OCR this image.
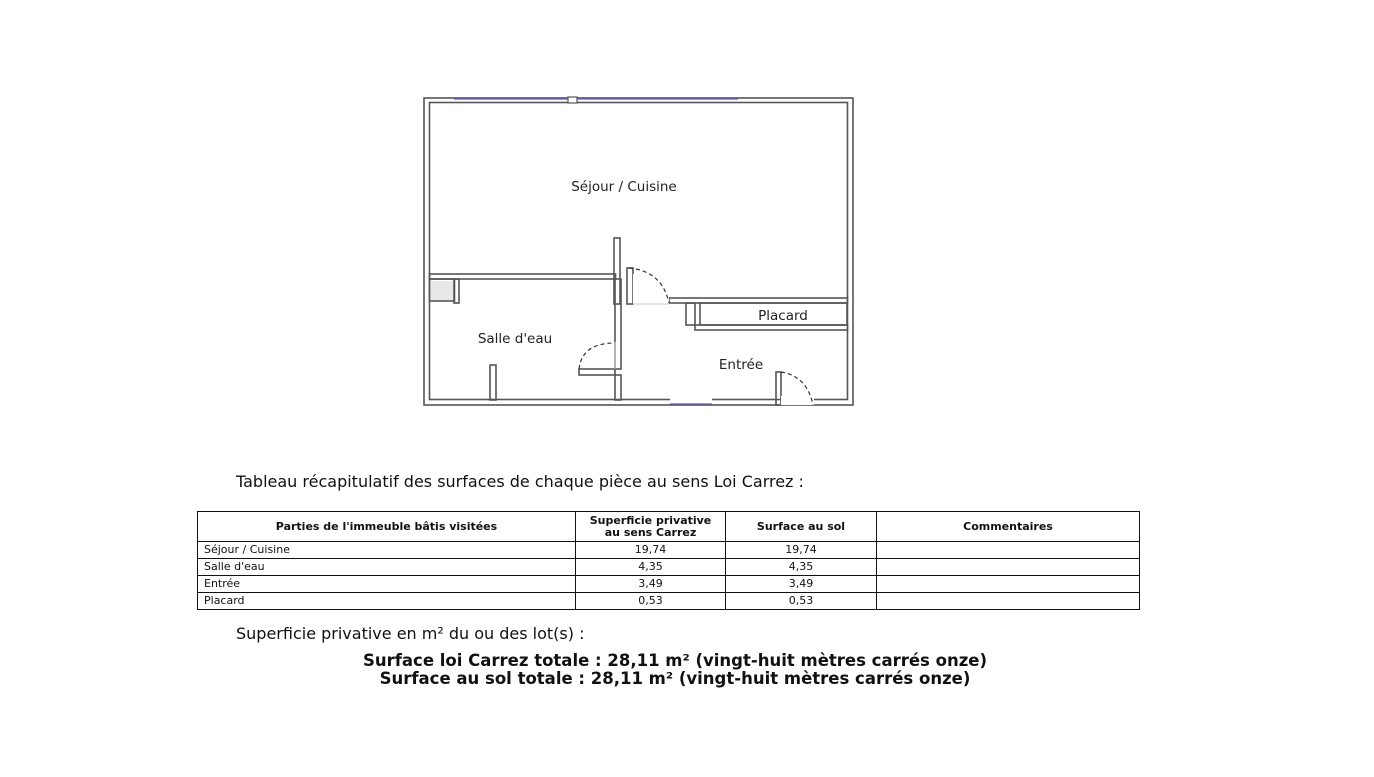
Séjour / Cuisine
Placard
Salle d'eau
Entrée
Tableau récapitulatif des surfaces de chaque pièce au sens Loi Carrez :
Parties de l'immeuble bâtis visitées	Superficie privative au sens Carrez	Surface au sol	Commentaires
Séjour / Cuisine	19,74	19,74	
Salle d'eau	4,35	4,35	
Entrée	3,49	3,49	
Placard	0,53	0,53	
Superficie privative en m² du ou des lot(s) :
Surface loi Carrez totale : 28,11 m² (vingt-huit mètres carrés onze)
Surface au sol totale : 28,11 m² (vingt-huit mètres carrés onze)
